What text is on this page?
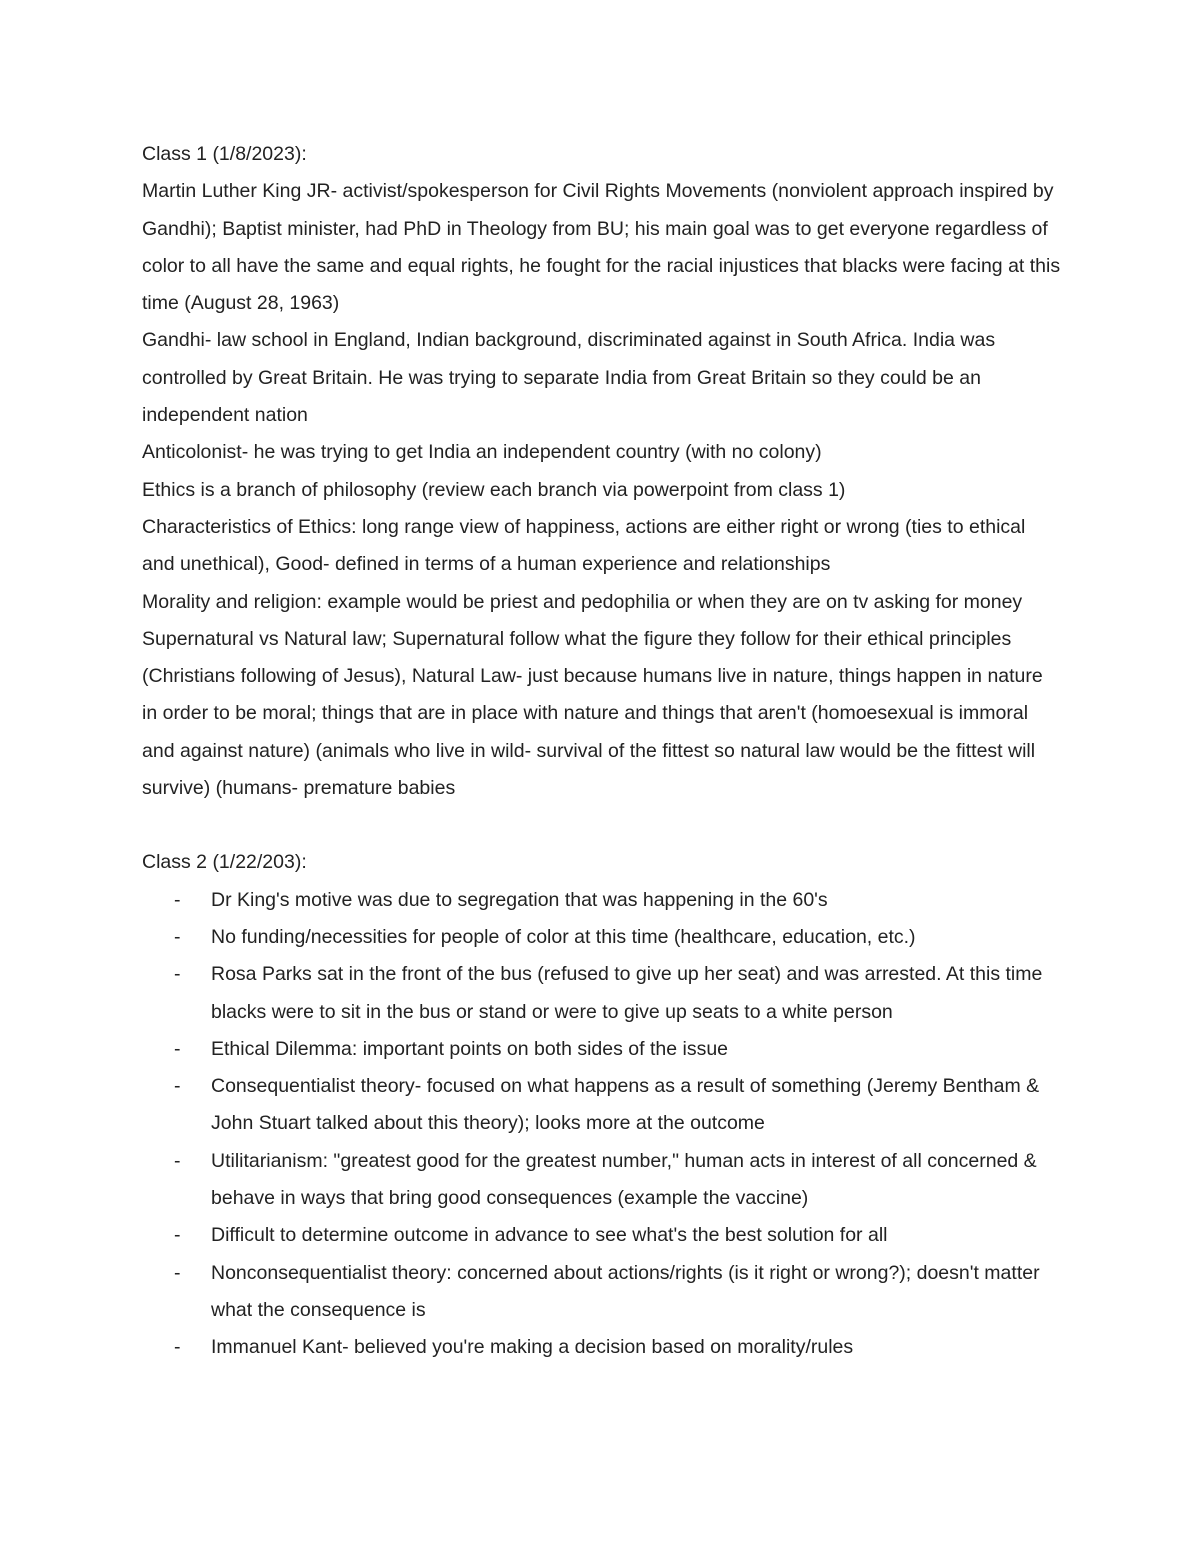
Class 1 (1/8/2023):

Martin Luther King JR- activist/spokesperson for Civil Rights Movements (nonviolent approach inspired by Gandhi); Baptist minister, had PhD in Theology from BU; his main goal was to get everyone regardless of color to all have the same and equal rights, he fought for the racial injustices that blacks were facing at this time (August 28, 1963)

Gandhi- law school in England, Indian background, discriminated against in South Africa. India was controlled by Great Britain. He was trying to separate India from Great Britain so they could be an independent nation

Anticolonist- he was trying to get India an independent country (with no colony)

Ethics is a branch of philosophy (review each branch via powerpoint from class 1)

Characteristics of Ethics: long range view of happiness, actions are either right or wrong (ties to ethical and unethical), Good- defined in terms of a human experience and relationships

Morality and religion: example would be priest and pedophilia or when they are on tv asking for money

Supernatural vs Natural law; Supernatural follow what the figure they follow for their ethical principles (Christians following of Jesus), Natural Law- just because humans live in nature, things happen in nature in order to be moral; things that are in place with nature and things that aren't (homoesexual is immoral and against nature) (animals who live in wild- survival of the fittest so natural law would be the fittest will survive) (humans- premature babies

Class 2 (1/22/203):

- Dr King's motive was due to segregation that was happening in the 60's
- No funding/necessities for people of color at this time (healthcare, education, etc.)
- Rosa Parks sat in the front of the bus (refused to give up her seat) and was arrested. At this time blacks were to sit in the bus or stand or were to give up seats to a white person
- Ethical Dilemma: important points on both sides of the issue
- Consequentialist theory- focused on what happens as a result of something (Jeremy Bentham & John Stuart talked about this theory); looks more at the outcome
- Utilitarianism: "greatest good for the greatest number," human acts in interest of all concerned & behave in ways that bring good consequences (example the vaccine)
- Difficult to determine outcome in advance to see what's the best solution for all
- Nonconsequentialist theory: concerned about actions/rights (is it right or wrong?); doesn't matter what the consequence is
- Immanuel Kant- believed you're making a decision based on morality/rules
